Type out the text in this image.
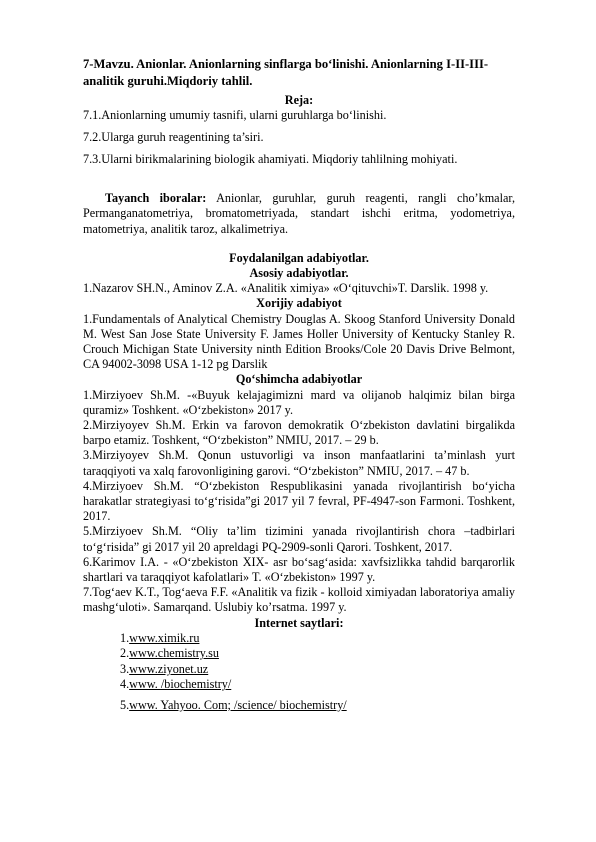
7-Mavzu. Anionlar. Anionlarning sinflarga bo‘linishi. Anionlarning I-II-III- analitik guruhi.Miqdoriy tahlil.

Reja:

7.1.Anionlarning umumiy tasnifi, ularni guruhlarga bo‘linishi.

7.2.Ularga guruh reagentining ta’siri.

7.3.Ularni birikmalarining biologik ahamiyati. Miqdoriy tahlilning mohiyati.

Tayanch iboralar: Anionlar, guruhlar, guruh reagenti, rangli cho’kmalar, Permanganatometriya, bromatometriyada, standart ishchi eritma, yodometriya, matometriya, analitik taroz, alkalimetriya.

Foydalanilgan adabiyotlar.
Asosiy adabiyotlar.

1.Nazarov SH.N., Aminov Z.A. «Analitik ximiya» «O‘qituvchi»T. Darslik. 1998 y.

Xorijiy adabiyot

1.Fundamentals of Analytical Chemistry Douglas A. Skoog Stanford University Donald M. West San Jose State University F. James Holler University of Kentucky Stanley R. Crouch Michigan State University ninth Edition Brooks/Cole 20 Davis Drive Belmont, CA 94002-3098 USA 1-12 pg Darslik

Qo‘shimcha adabiyotlar

1.Mirziyoev Sh.M. -«Buyuk kelajagimizni mard va olijanob halqimiz bilan birga quramiz» Toshkent. «O‘zbekiston» 2017 y.

2.Mirziyoyev Sh.M. Erkin va farovon demokratik O‘zbekiston davlatini birgalikda barpo etamiz. Toshkent, “O‘zbekiston” NMIU, 2017. – 29 b.

3.Mirziyoyev Sh.M. Qonun ustuvorligi va inson manfaatlarini ta’minlash yurt taraqqiyoti va xalq farovonligining garovi. “O‘zbekiston” NMIU, 2017. – 47 b.

4.Mirziyoev Sh.M. “O‘zbekiston Respublikasini yanada rivojlantirish bo‘yicha harakatlar strategiyasi to‘g‘risida”gi 2017 yil 7 fevral, PF-4947-son Farmoni. Toshkent, 2017.

5.Mirziyoev Sh.M. “Oliy ta’lim tizimini yanada rivojlantirish chora –tadbirlari to‘g‘risida” gi 2017 yil 20 apreldagi PQ-2909-sonli Qarori. Toshkent, 2017.

6.Karimov I.A. - «O‘zbekiston XIX- asr bo‘sag‘asida: xavfsizlikka tahdid barqarorlik shartlari va taraqqiyot kafolatlari» T. «O‘zbekiston» 1997 y.

7.Tog‘aev K.T., Tog‘aeva F.F. «Analitik va fizik - kolloid ximiyadan laboratoriya amaliy mashg‘uloti». Samarqand. Uslubiy ko’rsatma. 1997 y.

Internet saytlari:
1.www.ximik.ru
2.www.chemistry.su
3.www.ziyonet.uz
4.www. /biochemistry/
5.www. Yahyoo. Com; /science/ biochemistry/
